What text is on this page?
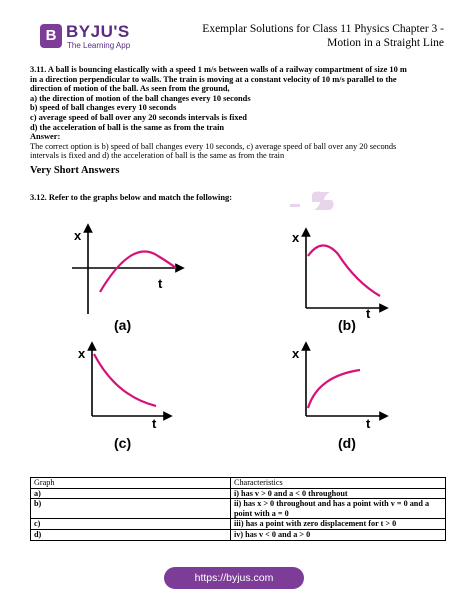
B BYJU'S
The Learning App
Exemplar Solutions for Class 11 Physics Chapter 3 -
Motion in a Straight Line

3.11. A ball is bouncing elastically with a speed 1 m/s between walls of a railway compartment of size 10 m

in a direction perpendicular to walls. The train is moving at a constant velocity of 10 m/s parallel to the

direction of motion of the ball. As seen from the ground,

a) the direction of motion of the ball changes every 10 seconds

b) speed of ball changes every 10 seconds

c) average speed of ball over any 20 seconds intervals is fixed

d) the acceleration of ball is the same as from the train

Answer:

The correct option is b) speed of ball changes every 10 seconds, c) average speed of ball over any 20 seconds

intervals is fixed and d) the acceleration of ball is the same as from the train

Very Short Answers
3.12. Refer to the graphs below and match the following:
x
t
(a)
x
t
(b)
x
t
(c)
x
t
(d)
Graph	Characteristics
a)	i) has v > 0 and a < 0 throughout
b)	ii) has x > 0 throughout and has a point with v = 0 and a point with a = 0
c)	iii) has a point with zero displacement for t > 0
d)	iv) has v < 0 and a > 0
https://byjus.com
